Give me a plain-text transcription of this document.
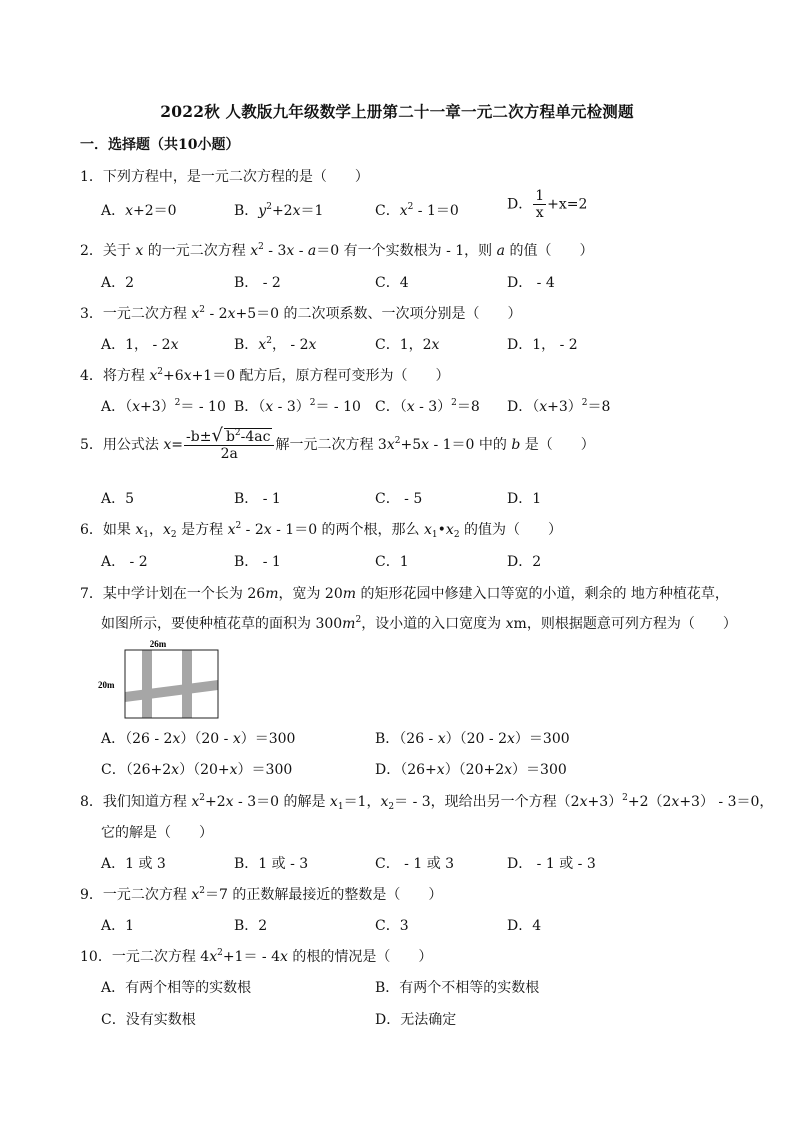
2022秋 人教版九年级数学上册第二十一章一元二次方程单元检测题
一．选择题（共10小题）
1．下列方程中，是一元二次方程的是（　　）
A．x+2＝0	B．$y^2+2x=1$	C．$x^2 - 1=0$	D． $\frac{1}{x} +x=2$
2．关于 x 的一元二次方程 $x^2 - 3x - a=0$ 有一个实数根为 - 1，则 a 的值（　　）
A．2	B． - 2	C．4	D． - 4
3．一元二次方程 $x^2 - 2x+5=0$ 的二次项系数、一次项分别是（　　）
A．1， - 2x	B．$x^2$， - 2x	C．1，2x	D．1， - 2
4．将方程 $x^2+6x+1=0$ 配方后，原方程可变形为（　　）
A．$(x+3)^2= - 10$ B．（x - 3）$^2$＝ - 10 C．（x - 3）$^2$＝8 D．$(x+3)^2=8$
5．用公式法 $x= \frac{-b\pm√ b^2-4ac}{2a}$ 解一元二次方程 $3x^2+5x - 1=0$ 中的 b 是（　　）
A．5	B． - 1	C． - 5	D．1
6．如果 $x_1$，$x_2$ 是方程 $x^2 - 2x - 1=0$ 的两个根，那么 $x_1•x_2$ 的值为（　　）
A． - 2	B． - 1	C．1	D．2
7．某中学计划在一个长为 26m，宽为 20m 的矩形花园中修建入口等宽的小道，剩余的 地方种植花草，
如图所示，要使种植花草的面积为 $300m^2$，设小道的入口宽度为 xm，则根据题意可列方程为（　　）
26m
20m
A．（26 - 2x）（20 - x）＝300	B．（26 - x）（20 - 2x）＝300
C．（26+2x）（20+x）＝300	D．（26+x）（20+2x）＝300
8．我们知道方程 $x^2+2x - 3=0$ 的解是 $x_1=1$，$x_2= - 3$，现给出另一个方程$(2x+3)^2+2(2x+3) - 3=0$，
它的解是（　　）
A．1 或 3	B．1 或 - 3	C． - 1 或 3	D． - 1 或 - 3
9．一元二次方程 $x^2=7$ 的正数解最接近的整数是（　　）
A．1	B．2	C．3	D．4
10．一元二次方程 $4x^2+1= - 4x$ 的根的情况是（　　）
A．有两个相等的实数根	B．有两个不相等的实数根
C．没有实数根	D．无法确定
